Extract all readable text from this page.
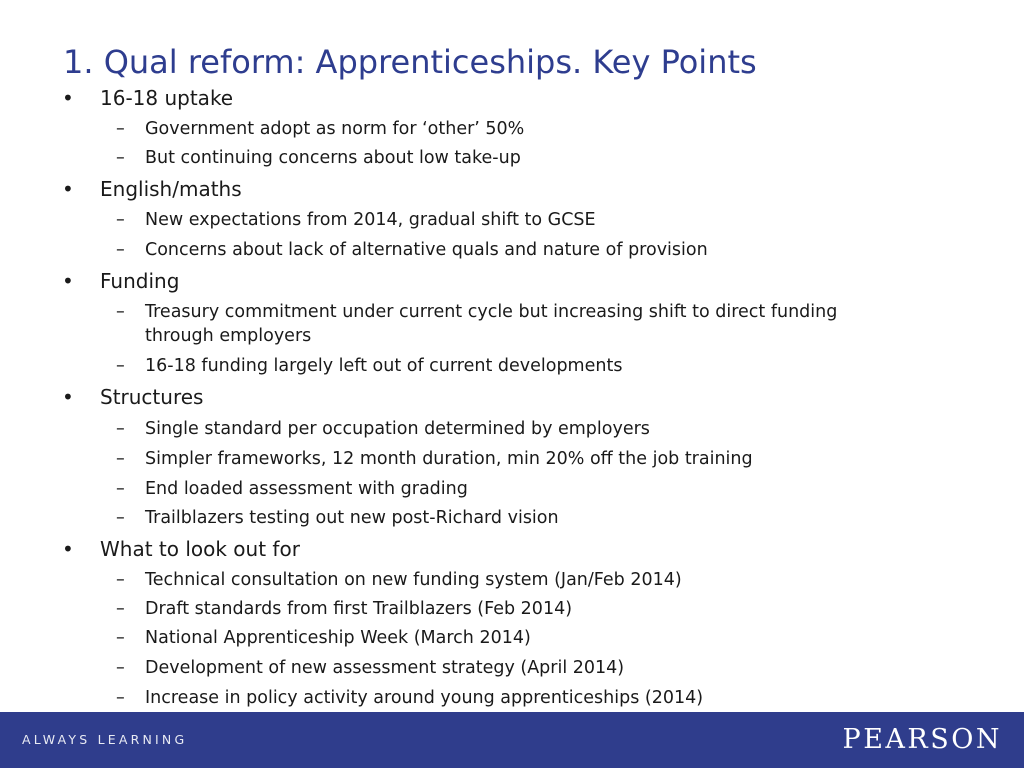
1. Qual reform: Apprenticeships. Key Points
• 16-18 uptake
– Government adopt as norm for ‘other’ 50%
– But continuing concerns about low take-up
• English/maths
– New expectations from 2014, gradual shift to GCSE
– Concerns about lack of alternative quals and nature of provision
• Funding
– Treasury commitment under current cycle but increasing shift to direct funding
through employers
– 16-18 funding largely left out of current developments
• Structures
– Single standard per occupation determined by employers
– Simpler frameworks, 12 month duration, min 20% off the job training
– End loaded assessment with grading
– Trailblazers testing out new post-Richard vision
• What to look out for
– Technical consultation on new funding system (Jan/Feb 2014)
– Draft standards from first Trailblazers (Feb 2014)
– National Apprenticeship Week (March 2014)
– Development of new assessment strategy (April 2014)
– Increase in policy activity around young apprenticeships (2014)
ALWAYS LEARNING	PEARSON
